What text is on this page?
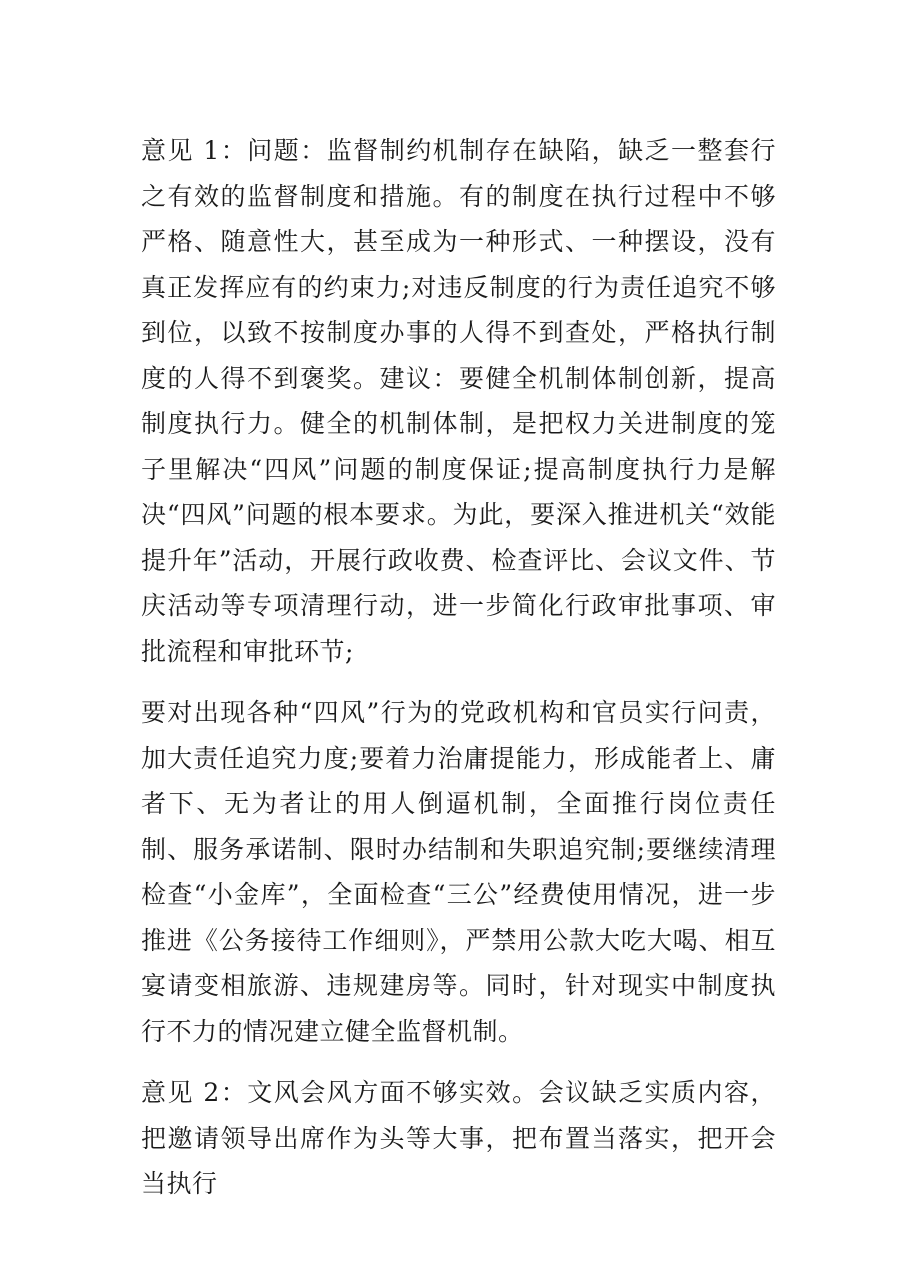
意见 1：问题：监督制约机制存在缺陷，缺乏一整套行之有效的监督制度和措施。有的制度在执行过程中不够严格、随意性大，甚至成为一种形式、一种摆设，没有真正发挥应有的约束力;对违反制度的行为责任追究不够到位，以致不按制度办事的人得不到查处，严格执行制度的人得不到褒奖。建议：要健全机制体制创新，提高制度执行力。健全的机制体制，是把权力关进制度的笼子里解决“四风”问题的制度保证;提高制度执行力是解决“四风”问题的根本要求。为此，要深入推进机关“效能提升年”活动，开展行政收费、检查评比、会议文件、节庆活动等专项清理行动，进一步简化行政审批事项、审批流程和审批环节;

要对出现各种“四风”行为的党政机构和官员实行问责，加大责任追究力度;要着力治庸提能力，形成能者上、庸者下、无为者让的用人倒逼机制，全面推行岗位责任制、服务承诺制、限时办结制和失职追究制;要继续清理检查“小金库”，全面检查“三公”经费使用情况，进一步推进《公务接待工作细则》，严禁用公款大吃大喝、相互宴请变相旅游、违规建房等。同时，针对现实中制度执行不力的情况建立健全监督机制。

意见 2：文风会风方面不够实效。会议缺乏实质内容，把邀请领导出席作为头等大事，把布置当落实，把开会当执行
